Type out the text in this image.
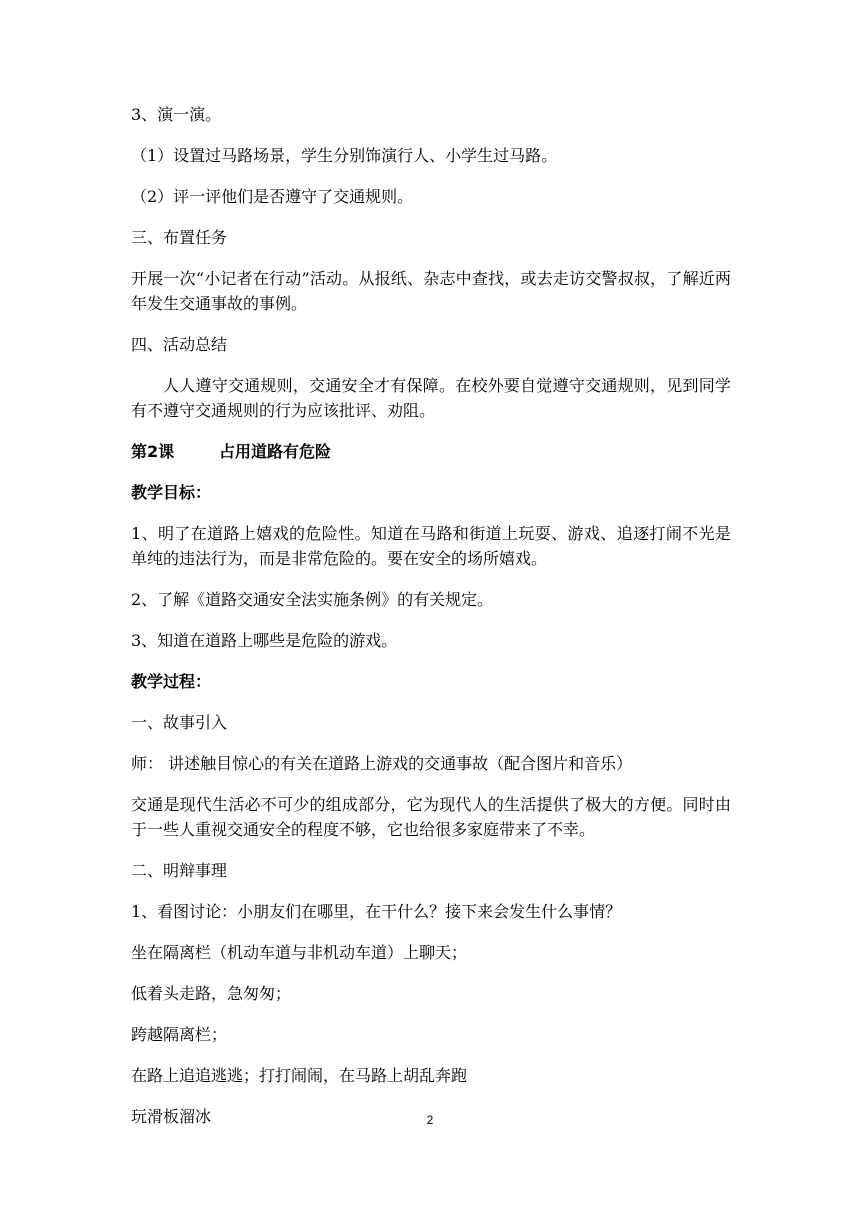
3、演一演。

（1）设置过马路场景，学生分别饰演行人、小学生过马路。

（2）评一评他们是否遵守了交通规则。

三、布置任务

开展一次“小记者在行动”活动。从报纸、杂志中查找，或去走访交警叔叔，了解近两年发生交通事故的事例。

四、活动总结

人人遵守交通规则，交通安全才有保障。在校外要自觉遵守交通规则，见到同学有不遵守交通规则的行为应该批评、劝阻。

第2课	占用道路有危险

教学目标：

1、明了在道路上嬉戏的危险性。知道在马路和街道上玩耍、游戏、追逐打闹不光是单纯的违法行为，而是非常危险的。要在安全的场所嬉戏。

2、了解《道路交通安全法实施条例》的有关规定。

3、知道在道路上哪些是危险的游戏。

教学过程：

一、故事引入

师： 讲述触目惊心的有关在道路上游戏的交通事故（配合图片和音乐）

交通是现代生活必不可少的组成部分，它为现代人的生活提供了极大的方便。同时由于一些人重视交通安全的程度不够，它也给很多家庭带来了不幸。

二、明辩事理

1、看图讨论：小朋友们在哪里，在干什么？接下来会发生什么事情？

坐在隔离栏（机动车道与非机动车道）上聊天；

低着头走路，急匆匆；

跨越隔离栏；

在路上追追逃逃；打打闹闹，在马路上胡乱奔跑

玩滑板溜冰	2
